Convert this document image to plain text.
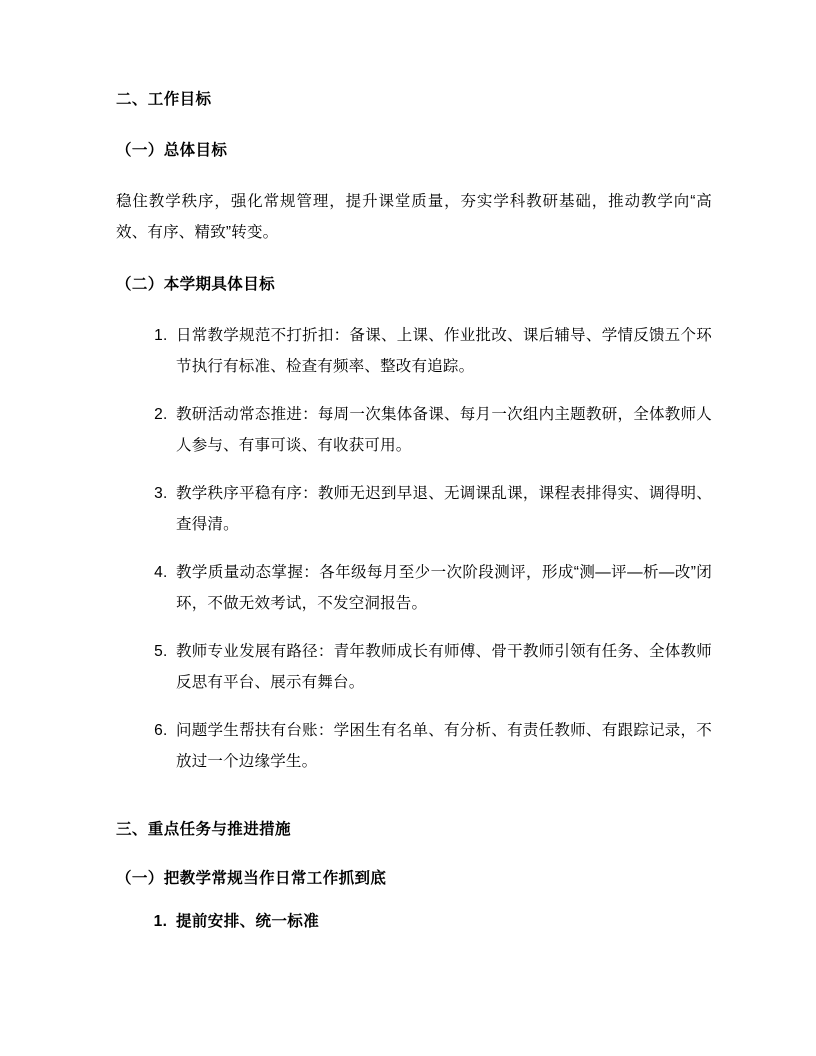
二、工作目标
（一）总体目标

稳住教学秩序，强化常规管理，提升课堂质量，夯实学科教研基础，推动教学向“高效、有序、精致”转变。

（二）本学期具体目标
1. 日常教学规范不打折扣：备课、上课、作业批改、课后辅导、学情反馈五个环节执行有标准、检查有频率、整改有追踪。
2. 教研活动常态推进：每周一次集体备课、每月一次组内主题教研，全体教师人人参与、有事可谈、有收获可用。
3. 教学秩序平稳有序：教师无迟到早退、无调课乱课，课程表排得实、调得明、查得清。
4. 教学质量动态掌握：各年级每月至少一次阶段测评，形成“测—评—析—改”闭环，不做无效考试，不发空洞报告。
5. 教师专业发展有路径：青年教师成长有师傅、骨干教师引领有任务、全体教师反思有平台、展示有舞台。
6. 问题学生帮扶有台账：学困生有名单、有分析、有责任教师、有跟踪记录，不放过一个边缘学生。
三、重点任务与推进措施
（一）把教学常规当作日常工作抓到底
1. 提前安排、统一标准
